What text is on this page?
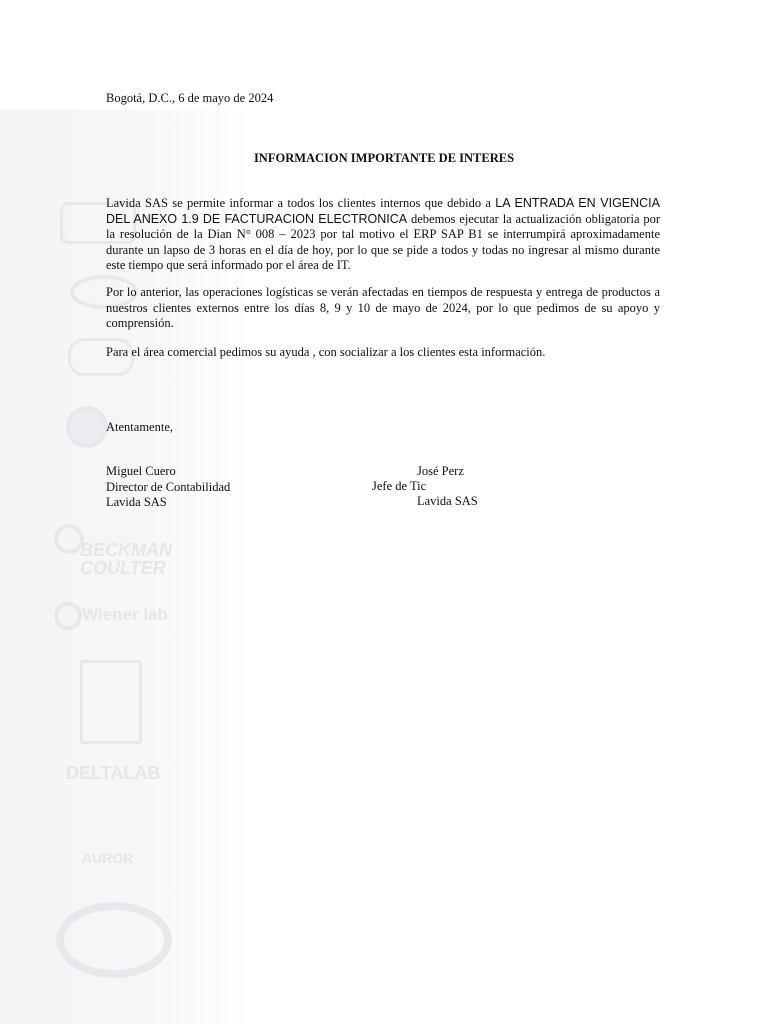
BECKMAN
COULTER
Wiener lab
DELTALAB
AUROR
Bogotá, D.C., 6 de mayo de 2024
INFORMACION IMPORTANTE DE INTERES
Lavida SAS se permite informar a todos los clientes internos que debido a LA ENTRADA EN VIGENCIA DEL ANEXO 1.9 DE FACTURACION ELECTRONICA debemos ejecutar la actualización obligatoria por la resolución de la Dian N° 008 – 2023 por tal motivo el ERP SAP B1 se interrumpirá aproximadamente durante un lapso de 3 horas en el día de hoy, por lo que se pide a todos y todas no ingresar al mismo durante este tiempo que será informado por el área de IT.
Por lo anterior, las operaciones logísticas se verán afectadas en tiempos de respuesta y entrega de productos a nuestros clientes externos entre los días 8, 9 y 10 de mayo de 2024, por lo que pedimos de su apoyo y comprensión.
Para el área comercial pedimos su ayuda , con socializar a los clientes esta información.
Atentamente,
Miguel Cuero
Director de Contabilidad
Lavida SAS
José Perz
Jefe de Tic
Lavida SAS
